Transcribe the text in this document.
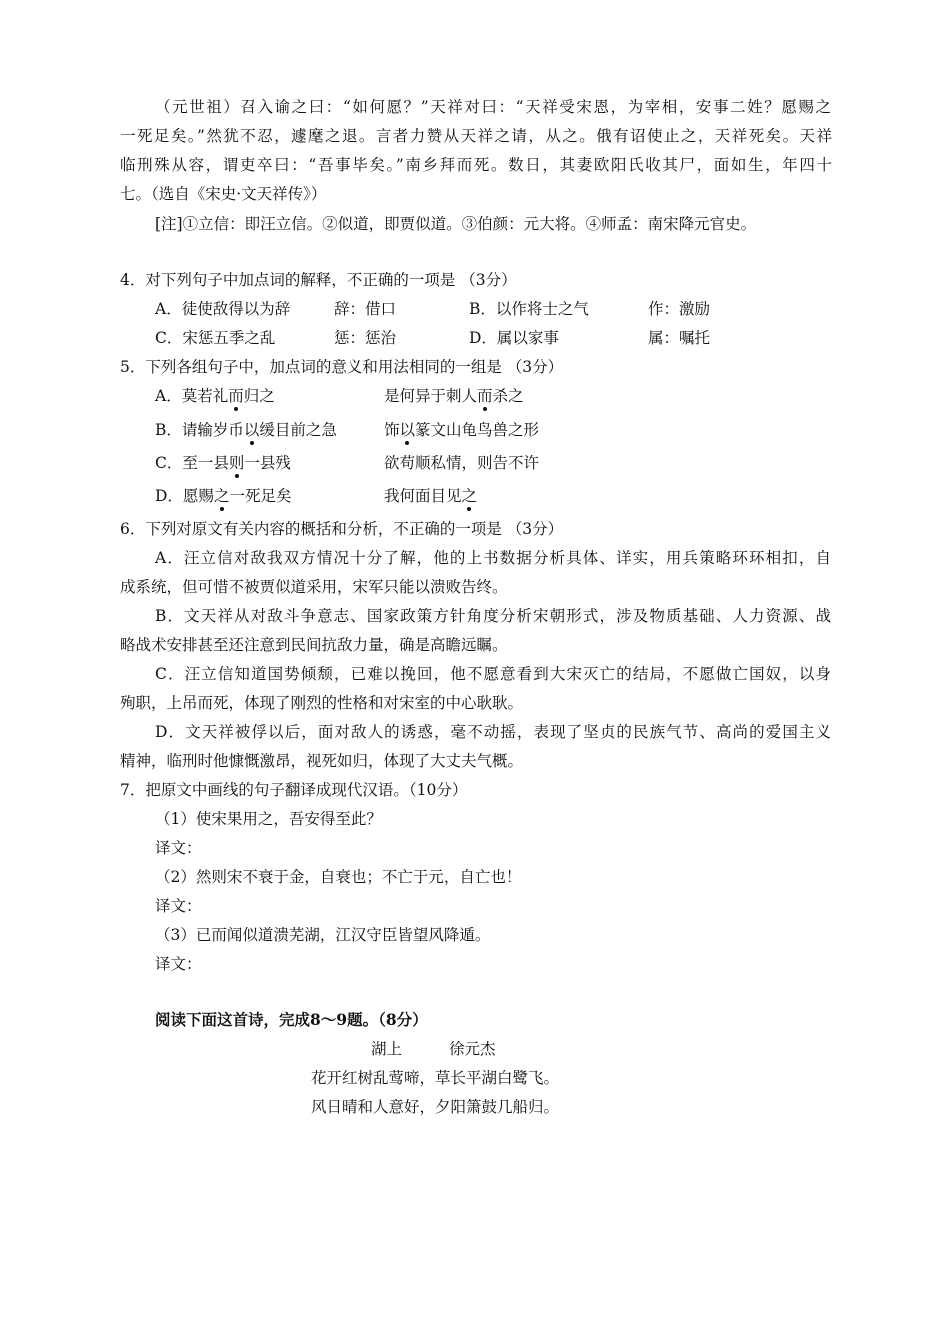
（元世祖）召入谕之曰：“如何愿？”天祥对曰：“天祥受宋恩，为宰相，安事二姓？愿赐之
一死足矣。”然犹不忍，遽麾之退。言者力赞从天祥之请，从之。俄有诏使止之，天祥死矣。天祥
临刑殊从容，谓吏卒曰：“吾事毕矣。”南乡拜而死。数日，其妻欧阳氏收其尸，面如生，年四十
七。（选自《宋史·文天祥传》）
[注]①立信：即汪立信。②似道，即贾似道。③伯颜：元大将。④师孟：南宋降元官史。
4．对下列句子中加点词的解释，不正确的一项是 （3分）
A．徒使敌得以为辞	辞：借口	B．以作将士之气	作：激励
C．宋惩五季之乱	惩：惩治	D．属以家事	属：嘱托
5．下列各组句子中，加点词的意义和用法相同的一组是 （3分）
A．莫若礼而归之	是何异于刺人而杀之
B．请输岁币以缓目前之急	饰以篆文山龟鸟兽之形
C．至一县则一县残	欲苟顺私情，则告不许
D．愿赐之一死足矣	我何面目见之
6．下列对原文有关内容的概括和分析，不正确的一项是 （3分）
A．汪立信对敌我双方情况十分了解，他的上书数据分析具体、详实，用兵策略环环相扣，自
成系统，但可惜不被贾似道采用，宋军只能以溃败告终。
B．文天祥从对敌斗争意志、国家政策方针角度分析宋朝形式，涉及物质基础、人力资源、战
略战术安排甚至还注意到民间抗敌力量，确是高瞻远瞩。
C．汪立信知道国势倾颓，已难以挽回，他不愿意看到大宋灭亡的结局，不愿做亡国奴，以身
殉职，上吊而死，体现了刚烈的性格和对宋室的中心耿耿。
D．文天祥被俘以后，面对敌人的诱惑，毫不动摇，表现了坚贞的民族气节、高尚的爱国主义
精神，临刑时他慷慨激昂，视死如归，体现了大丈夫气概。
7．把原文中画线的句子翻译成现代汉语。（10分）
（1）使宋果用之，吾安得至此？
译文：
（2）然则宋不衰于金，自衰也；不亡于元，自亡也！
译文：
（3）已而闻似道溃芜湖，江汉守臣皆望风降遁。
译文：
阅读下面这首诗，完成8～9题。（8分）
湖上	徐元杰
花开红树乱莺啼，草长平湖白鹭飞。
风日晴和人意好，夕阳箫鼓几船归。
